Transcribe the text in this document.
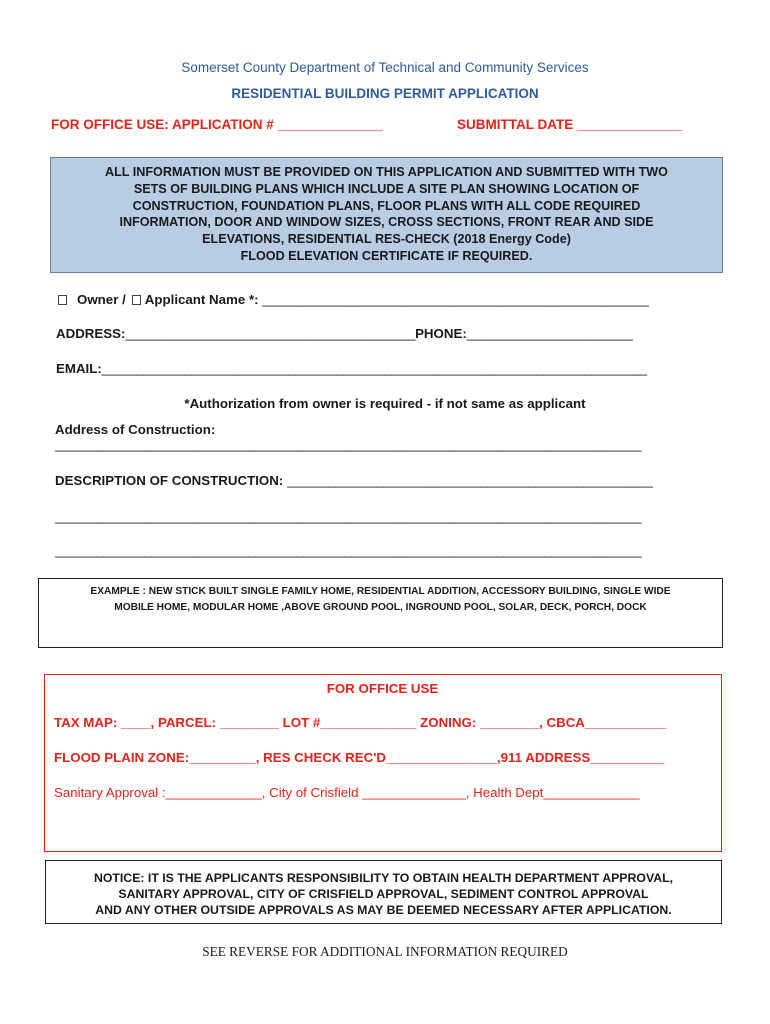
Somerset County Department of Technical and Community Services
RESIDENTIAL BUILDING PERMIT APPLICATION
FOR OFFICE USE: APPLICATION # ______________	SUBMITTAL DATE ______________
ALL INFORMATION MUST BE PROVIDED ON THIS APPLICATION AND SUBMITTED WITH TWO
SETS OF BUILDING PLANS WHICH INCLUDE A SITE PLAN SHOWING LOCATION OF
CONSTRUCTION, FOUNDATION PLANS, FLOOR PLANS WITH ALL CODE REQUIRED
INFORMATION, DOOR AND WINDOW SIZES, CROSS SECTIONS, FRONT REAR AND SIDE
ELEVATIONS, RESIDENTIAL RES-CHECK (2018 Energy Code)
FLOOD ELEVATION CERTIFICATE IF REQUIRED.
Owner / Applicant Name *: ________________________________________________________
ADDRESS:__________________________________________PHONE:________________________
EMAIL:_______________________________________________________________________________
*Authorization from owner is required - if not same as applicant
Address of Construction:
_____________________________________________________________________________________
DESCRIPTION OF CONSTRUCTION: _____________________________________________________
_____________________________________________________________________________________
_____________________________________________________________________________________
EXAMPLE : NEW STICK BUILT SINGLE FAMILY HOME, RESIDENTIAL ADDITION, ACCESSORY BUILDING, SINGLE WIDE
MOBILE HOME, MODULAR HOME ,ABOVE GROUND POOL, INGROUND POOL, SOLAR, DECK, PORCH, DOCK
FOR OFFICE USE
TAX MAP: ____, PARCEL: ________ LOT #_____________ ZONING: ________, CBCA___________
FLOOD PLAIN ZONE:_________, RES CHECK REC'D_______________,911 ADDRESS__________
Sanitary Approval :_____________, City of Crisfield ______________, Health Dept_____________
NOTICE: IT IS THE APPLICANTS RESPONSIBILITY TO OBTAIN HEALTH DEPARTMENT APPROVAL,
SANITARY APPROVAL, CITY OF CRISFIELD APPROVAL, SEDIMENT CONTROL APPROVAL
AND ANY OTHER OUTSIDE APPROVALS AS MAY BE DEEMED NECESSARY AFTER APPLICATION.
SEE REVERSE FOR ADDITIONAL INFORMATION REQUIRED
